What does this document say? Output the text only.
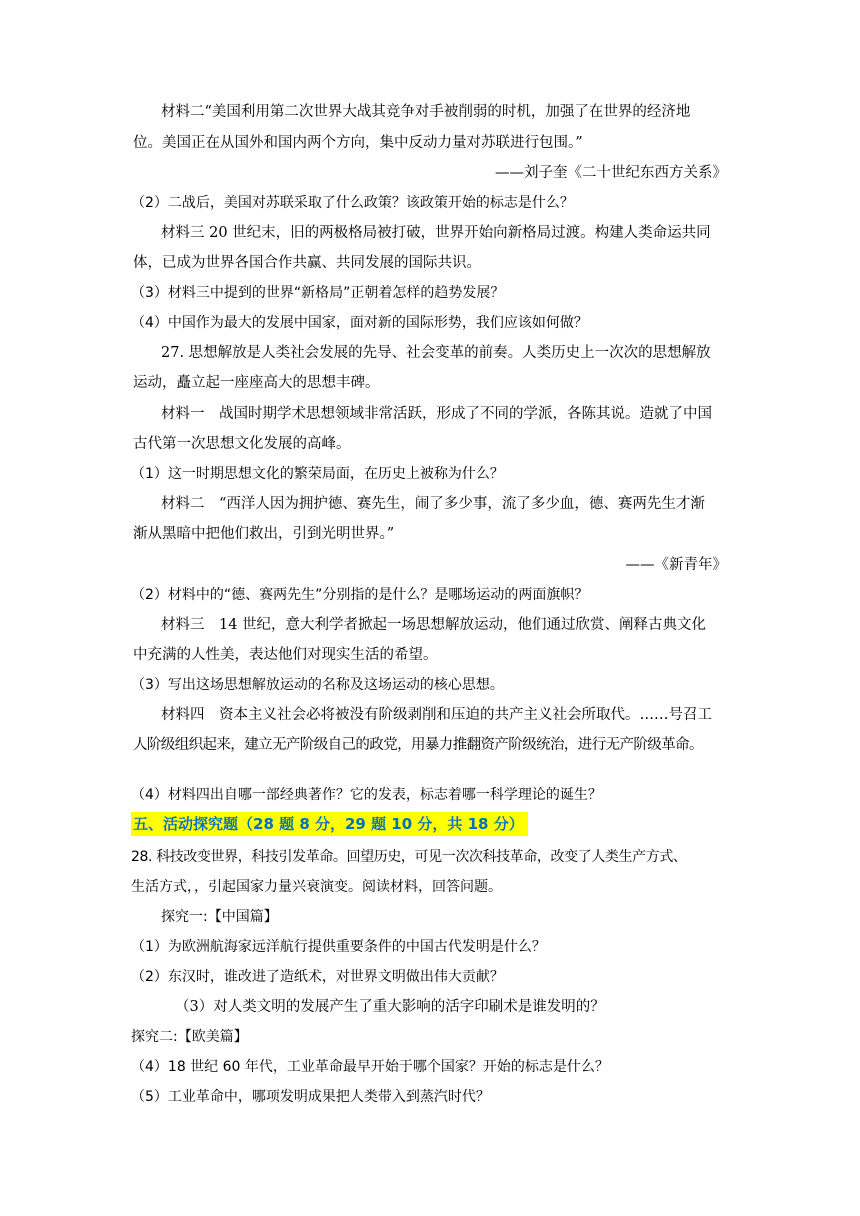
材料二“美国利用第二次世界大战其竞争对手被削弱的时机，加强了在世界的经济地
位。美国正在从国外和国内两个方向，集中反动力量对苏联进行包围。”
——刘子奎《二十世纪东西方关系》
（2）二战后，美国对苏联采取了什么政策？该政策开始的标志是什么？
材料三 20 世纪末，旧的两极格局被打破，世界开始向新格局过渡。构建人类命运共同
体，已成为世界各国合作共赢、共同发展的国际共识。
（3）材料三中提到的世界“新格局”正朝着怎样的趋势发展？
（4）中国作为最大的发展中国家，面对新的国际形势，我们应该如何做？
27. 思想解放是人类社会发展的先导、社会变革的前奏。人类历史上一次次的思想解放
运动，矗立起一座座高大的思想丰碑。
材料一　战国时期学术思想领域非常活跃，形成了不同的学派，各陈其说。造就了中国
古代第一次思想文化发展的高峰。
（1）这一时期思想文化的繁荣局面，在历史上被称为什么？
材料二　“西洋人因为拥护德、赛先生，闹了多少事，流了多少血，德、赛两先生才渐
渐从黑暗中把他们救出，引到光明世界。”
——《新青年》
（2）材料中的“德、赛两先生”分别指的是什么？是哪场运动的两面旗帜？
材料三　14 世纪，意大利学者掀起一场思想解放运动，他们通过欣赏、阐释古典文化
中充满的人性美，表达他们对现实生活的希望。
（3）写出这场思想解放运动的名称及这场运动的核心思想。
材料四　资本主义社会必将被没有阶级剥削和压迫的共产主义社会所取代。……号召工
人阶级组织起来，建立无产阶级自己的政党，用暴力推翻资产阶级统治，进行无产阶级革命。
（4）材料四出自哪一部经典著作？它的发表，标志着哪一科学理论的诞生？
五、活动探究题（28 题 8 分，29 题 10 分，共 18 分）
28. 科技改变世界，科技引发革命。回望历史，可见一次次科技革命，改变了人类生产方式、
生活方式，，引起国家力量兴衰演变。阅读材料，回答问题。
探究一:【中国篇】
（1）为欧洲航海家远洋航行提供重要条件的中国古代发明是什么？
（2）东汉时，谁改进了造纸术，对世界文明做出伟大贡献？
（3）对人类文明的发展产生了重大影响的活字印刷术是谁发明的？
探究二:【欧美篇】
（4）18 世纪 60 年代，工业革命最早开始于哪个国家？开始的标志是什么？
（5）工业革命中，哪项发明成果把人类带入到蒸汽时代？
